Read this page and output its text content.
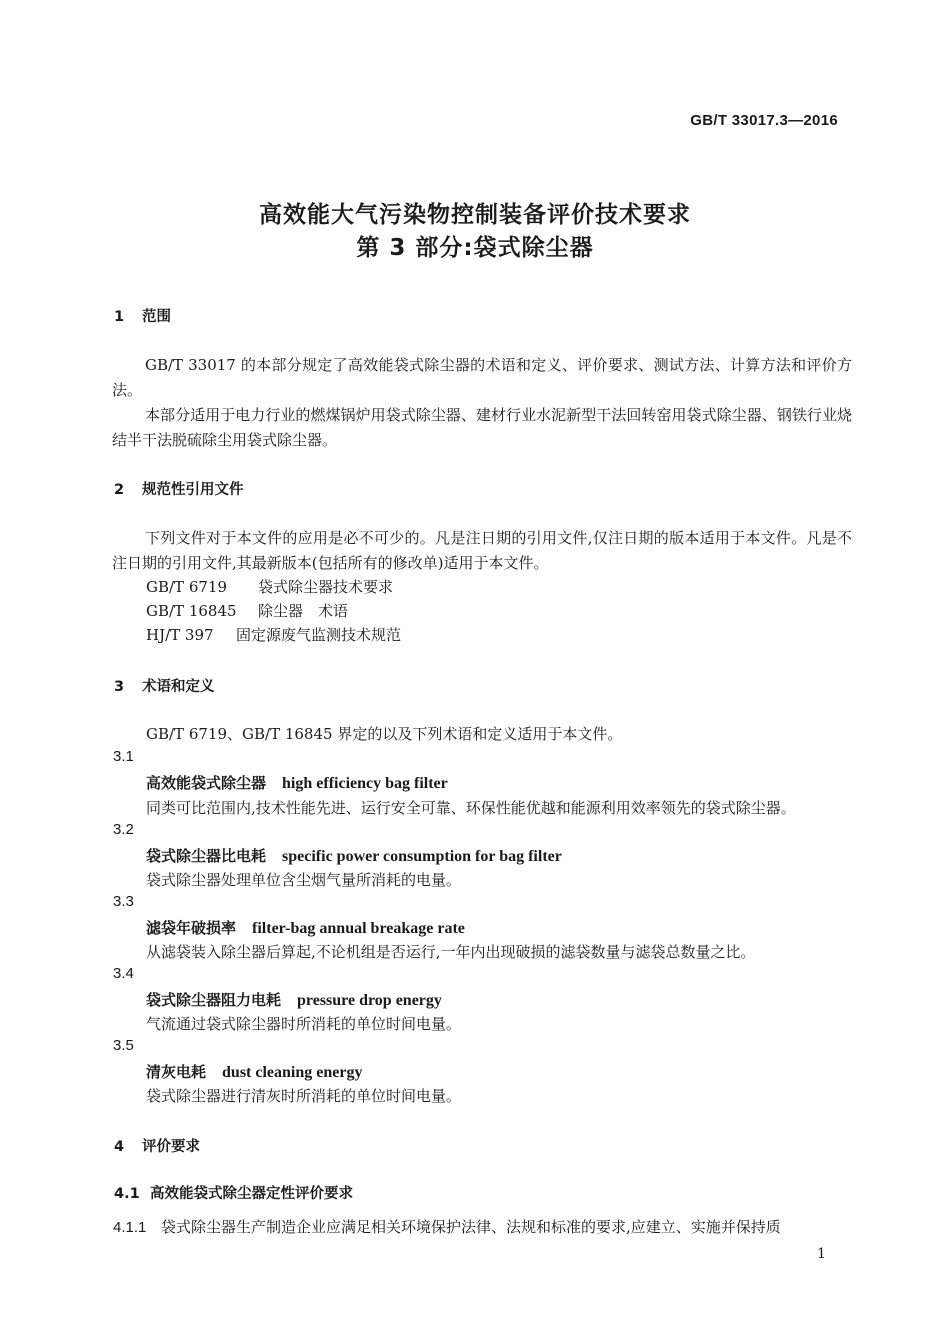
GB/T 33017.3—2016
高效能大气污染物控制装备评价技术要求
第 3 部分:袋式除尘器
1 范围
GB/T 33017 的本部分规定了高效能袋式除尘器的术语和定义、评价要求、测试方法、计算方法和评价方法。
本部分适用于电力行业的燃煤锅炉用袋式除尘器、建材行业水泥新型干法回转窑用袋式除尘器、钢铁行业烧结半干法脱硫除尘用袋式除尘器。
2 规范性引用文件
下列文件对于本文件的应用是必不可少的。凡是注日期的引用文件,仅注日期的版本适用于本文件。凡是不注日期的引用文件,其最新版本(包括所有的修改单)适用于本文件。
GB/T 6719 袋式除尘器技术要求
GB/T 16845 除尘器　术语
HJ/T 397 固定源废气监测技术规范
3 术语和定义
GB/T 6719、GB/T 16845 界定的以及下列术语和定义适用于本文件。
3.1
高效能袋式除尘器 high efficiency bag filter
同类可比范围内,技术性能先进、运行安全可靠、环保性能优越和能源利用效率领先的袋式除尘器。
3.2
袋式除尘器比电耗 specific power consumption for bag filter
袋式除尘器处理单位含尘烟气量所消耗的电量。
3.3
滤袋年破损率 filter-bag annual breakage rate
从滤袋装入除尘器后算起,不论机组是否运行,一年内出现破损的滤袋数量与滤袋总数量之比。
3.4
袋式除尘器阻力电耗 pressure drop energy
气流通过袋式除尘器时所消耗的单位时间电量。
3.5
清灰电耗 dust cleaning energy
袋式除尘器进行清灰时所消耗的单位时间电量。
4 评价要求
4.1 高效能袋式除尘器定性评价要求
4.1.1 袋式除尘器生产制造企业应满足相关环境保护法律、法规和标准的要求,应建立、实施并保持质
1
